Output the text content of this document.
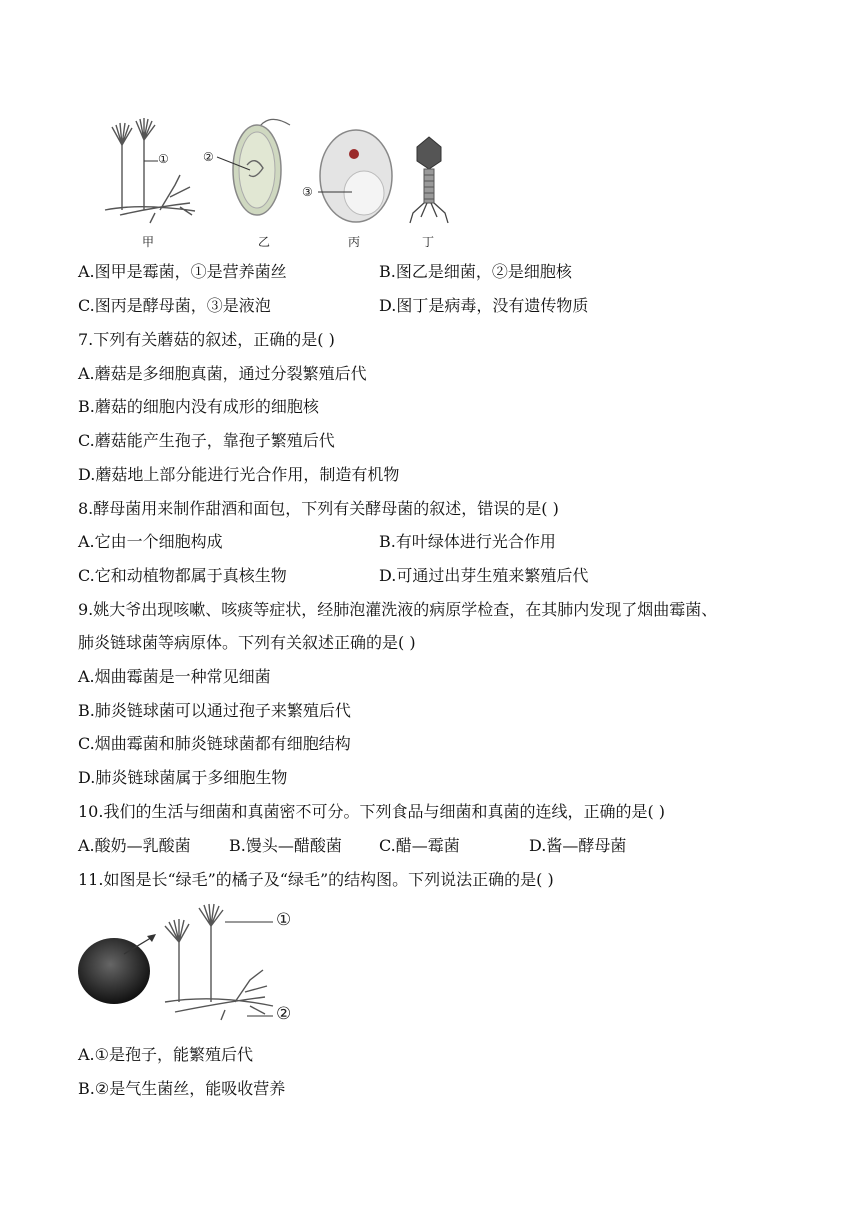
①	②
③
甲	乙	丙	丁
A.图甲是霉菌，①是营养菌丝	B.图乙是细菌，②是细胞核
C.图丙是酵母菌，③是液泡	D.图丁是病毒，没有遗传物质
7.下列有关蘑菇的叙述，正确的是( )
A.蘑菇是多细胞真菌，通过分裂繁殖后代
B.蘑菇的细胞内没有成形的细胞核
C.蘑菇能产生孢子，靠孢子繁殖后代
D.蘑菇地上部分能进行光合作用，制造有机物
8.酵母菌用来制作甜酒和面包，下列有关酵母菌的叙述，错误的是( )
A.它由一个细胞构成	B.有叶绿体进行光合作用
C.它和动植物都属于真核生物	D.可通过出芽生殖来繁殖后代
9.姚大爷出现咳嗽、咳痰等症状，经肺泡灌洗液的病原学检查，在其肺内发现了烟曲霉菌、
肺炎链球菌等病原体。下列有关叙述正确的是( )
A.烟曲霉菌是一种常见细菌
B.肺炎链球菌可以通过孢子来繁殖后代
C.烟曲霉菌和肺炎链球菌都有细胞结构
D.肺炎链球菌属于多细胞生物
10.我们的生活与细菌和真菌密不可分。下列食品与细菌和真菌的连线，正确的是( )
A.酸奶—乳酸菌 B.馒头—醋酸菌 C.醋—霉菌	D.酱—酵母菌
11.如图是长“绿毛”的橘子及“绿毛”的结构图。下列说法正确的是( )
①
②
A.①是孢子，能繁殖后代
B.②是气生菌丝，能吸收营养
